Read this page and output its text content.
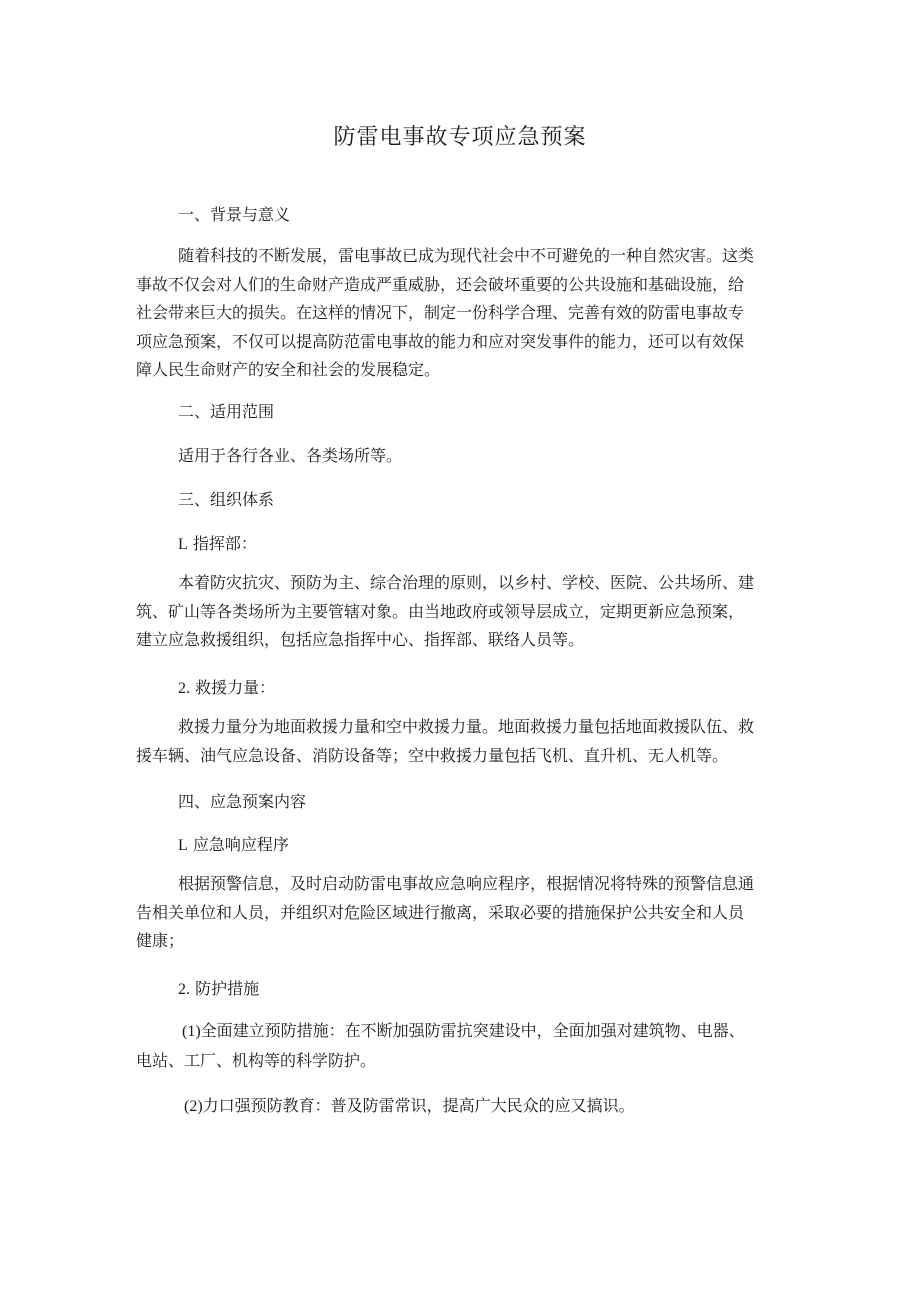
防雷电事故专项应急预案

一、背景与意义

随着科技的不断发展，雷电事故已成为现代社会中不可避免的一种自然灾害。这类
事故不仅会对人们的生命财产造成严重威胁，还会破坏重要的公共设施和基础设施，给
社会带来巨大的损失。在这样的情况下，制定一份科学合理、完善有效的防雷电事故专
项应急预案，不仅可以提高防范雷电事故的能力和应对突发事件的能力，还可以有效保
障人民生命财产的安全和社会的发展稳定。

二、适用范围

适用于各行各业、各类场所等。

三、组织体系

L 指挥部：

本着防灾抗灾、预防为主、综合治理的原则，以乡村、学校、医院、公共场所、建
筑、矿山等各类场所为主要管辖对象。由当地政府或领导层成立，定期更新应急预案，
建立应急救援组织，包括应急指挥中心、指挥部、联络人员等。

2. 救援力量：

救援力量分为地面救援力量和空中救援力量。地面救援力量包括地面救援队伍、救
援车辆、油气应急设备、消防设备等；空中救援力量包括飞机、直升机、无人机等。

四、应急预案内容

L 应急响应程序

根据预警信息，及时启动防雷电事故应急响应程序，根据情况将特殊的预警信息通
告相关单位和人员，并组织对危险区域进行撤离，采取必要的措施保护公共安全和人员
健康；

2. 防护措施

(1)全面建立预防措施：在不断加强防雷抗突建设中，全面加强对建筑物、电器、
电站、工厂、机构等的科学防护。

(2)力口强预防教育：普及防雷常识，提高广大民众的应又搞识。
